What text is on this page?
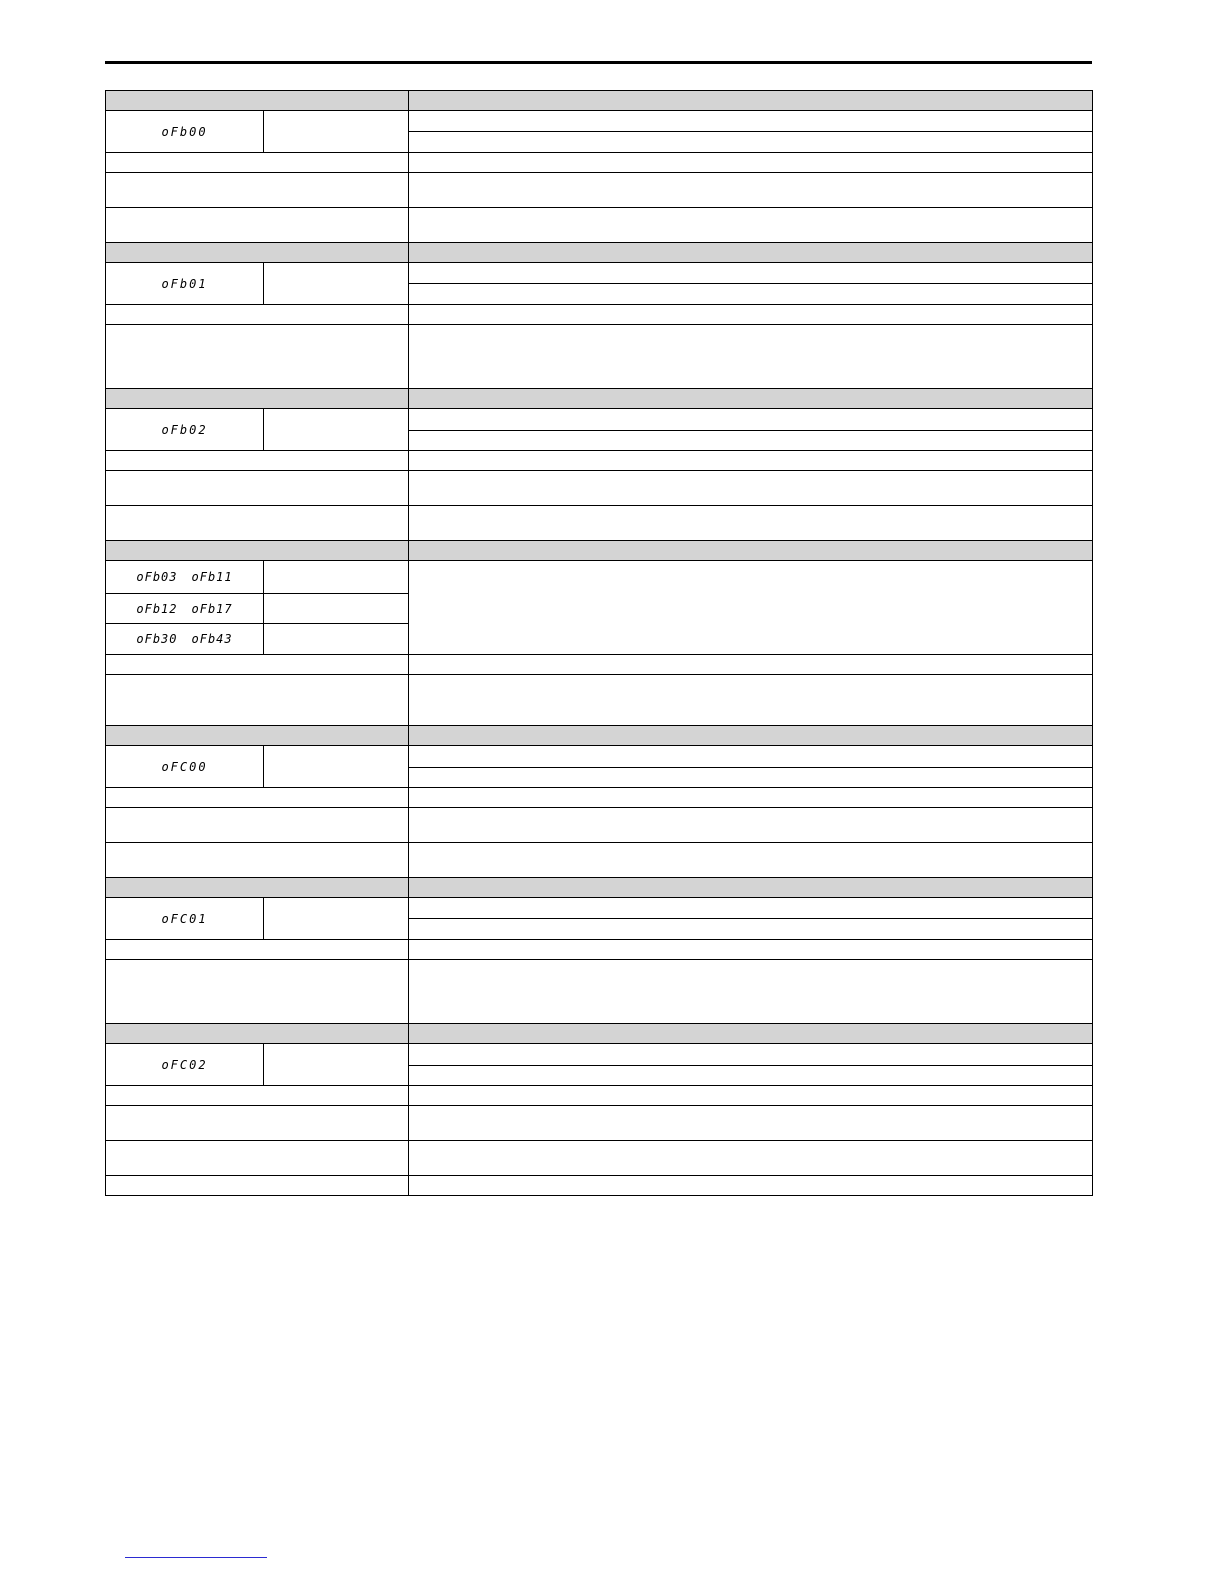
oFb00		

oFb01		

oFb02		

oFb03 oFb11		
oFb12 oFb17		
oFb30 oFb43		

oFC00		

oFC01		

oFC02		
